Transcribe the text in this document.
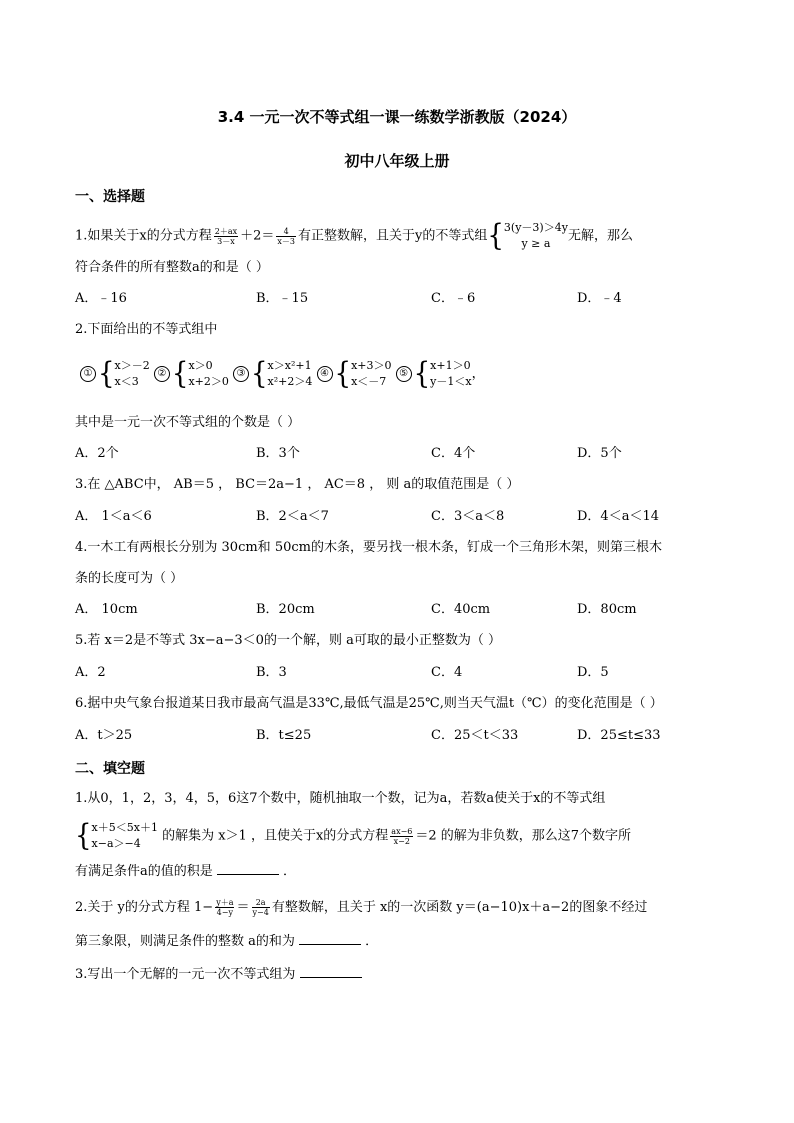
3.4 一元一次不等式组一课一练数学浙教版（2024）
初中八年级上册
一、选择题
1.如果关于x的分式方程 $\frac{2+ax}{3-x} +2= \frac{4}{x-3}$ 有正整数解，且关于y的不等式组{ 3(y－3)＞4y
y ≥ a	无解，那么
符合条件的所有整数a的和是（ ）
A．﹣16	B．﹣15	C．﹣6	D．﹣4
2.下面给出的不等式组中
① { x＞－2
x＜3
② { x＞0
x+2＞0
③ { x＞x²+1
x²+2＞4
④ { x+3＞0
x＜－7
⑤ { x+1＞0
y－1＜x ，
其中是一元一次不等式组的个数是（ ）
A．2个	B．3个	C．4个	D．5个
3.在 △ABC中， AB＝5 ， BC＝2a−1 ， AC＝8 ， 则 a的取值范围是（ ）
A． 1＜a＜6	B．2＜a＜7	C．3＜a＜8	D．4＜a＜14
4.一木工有两根长分别为 30cm和 50cm的木条，要另找一根木条，钉成一个三角形木架，则第三根木
条的长度可为（ ）
A． 10cm	B．20cm	C．40cm	D．80cm
5.若 x＝2是不等式 3x−a−3＜0的一个解，则 a可取的最小正整数为（ ）
A．2	B．3	C．4	D．5
6.据中央气象台报道某日我市最高气温是33℃,最低气温是25℃,则当天气温t（℃）的变化范围是（ ）
A．t＞25	B．t≤25	C．25＜t＜33	D．25≤t≤33
二、填空题
1.从0，1，2，3，4，5，6这7个数中，随机抽取一个数，记为a，若数a使关于x的不等式组
{ x＋5＜5x＋1
x−a＞−4	的解集为 x＞1 ，且使关于x的分式方程 $\frac{ax-6}{x-2} =2$ 的解为非负数，那么这7个数字所
有满足条件a的值的积是	．
2.关于 y的分式方程 $1- \frac{y+a}{4-y} = \frac{2a}{y-4}$ 有整数解，且关于 x的一次函数 y＝(a−10)x＋a−2的图象不经过
第三象限，则满足条件的整数 a的和为	．
3.写出一个无解的一元一次不等式组为
